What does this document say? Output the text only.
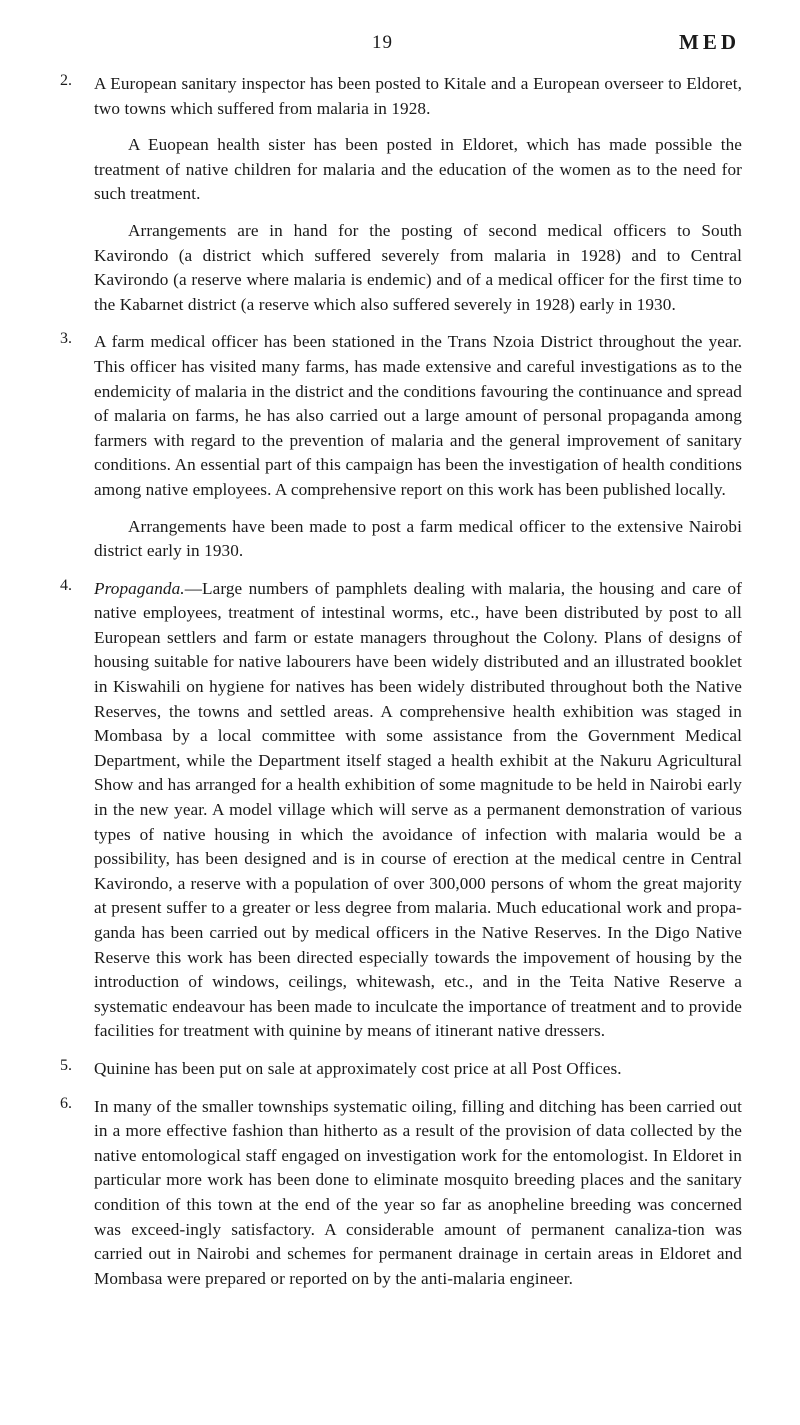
19	MED
2. A European sanitary inspector has been posted to Kitale and a European overseer to Eldoret, two towns which suffered from malaria in 1928.

A Euopean health sister has been posted in Eldoret, which has made possible the treatment of native children for malaria and the education of the women as to the need for such treatment.

Arrangements are in hand for the posting of second medical officers to South Kavirondo (a district which suffered severely from malaria in 1928) and to Central Kavirondo (a reserve where malaria is endemic) and of a medical officer for the first time to the Kabarnet district (a reserve which also suffered severely in 1928) early in 1930.

3. A farm medical officer has been stationed in the Trans Nzoia District throughout the year. This officer has visited many farms, has made extensive and careful investigations as to the endemicity of malaria in the district and the conditions favouring the continuance and spread of malaria on farms, he has also carried out a large amount of personal propaganda among farmers with regard to the prevention of malaria and the general improvement of sanitary conditions. An essential part of this campaign has been the investigation of health conditions among native employees. A comprehensive report on this work has been published locally.

Arrangements have been made to post a farm medical officer to the extensive Nairobi district early in 1930.

4. Propaganda.—Large numbers of pamphlets dealing with malaria, the housing and care of native employees, treatment of intestinal worms, etc., have been distributed by post to all European settlers and farm or estate managers throughout the Colony. Plans of designs of housing suitable for native labourers have been widely distributed and an illustrated booklet in Kiswahili on hygiene for natives has been widely distributed throughout both the Native Reserves, the towns and settled areas. A comprehensive health exhibition was staged in Mombasa by a local committee with some assistance from the Government Medical Department, while the Department itself staged a health exhibit at the Nakuru Agricultural Show and has arranged for a health exhibition of some magnitude to be held in Nairobi early in the new year. A model village which will serve as a permanent demonstration of various types of native housing in which the avoidance of infection with malaria would be a possibility, has been designed and is in course of erection at the medical centre in Central Kavirondo, a reserve with a population of over 300,000 persons of whom the great majority at present suffer to a greater or less degree from malaria. Much educational work and propa-ganda has been carried out by medical officers in the Native Reserves. In the Digo Native Reserve this work has been directed especially towards the impovement of housing by the introduction of windows, ceilings, whitewash, etc., and in the Teita Native Reserve a systematic endeavour has been made to inculcate the importance of treatment and to provide facilities for treatment with quinine by means of itinerant native dressers.

5. Quinine has been put on sale at approximately cost price at all Post Offices.

6. In many of the smaller townships systematic oiling, filling and ditching has been carried out in a more effective fashion than hitherto as a result of the provision of data collected by the native entomological staff engaged on investigation work for the entomologist. In Eldoret in particular more work has been done to eliminate mosquito breeding places and the sanitary condition of this town at the end of the year so far as anopheline breeding was concerned was exceed-ingly satisfactory. A considerable amount of permanent canaliza-tion was carried out in Nairobi and schemes for permanent drainage in certain areas in Eldoret and Mombasa were prepared or reported on by the anti-malaria engineer.
